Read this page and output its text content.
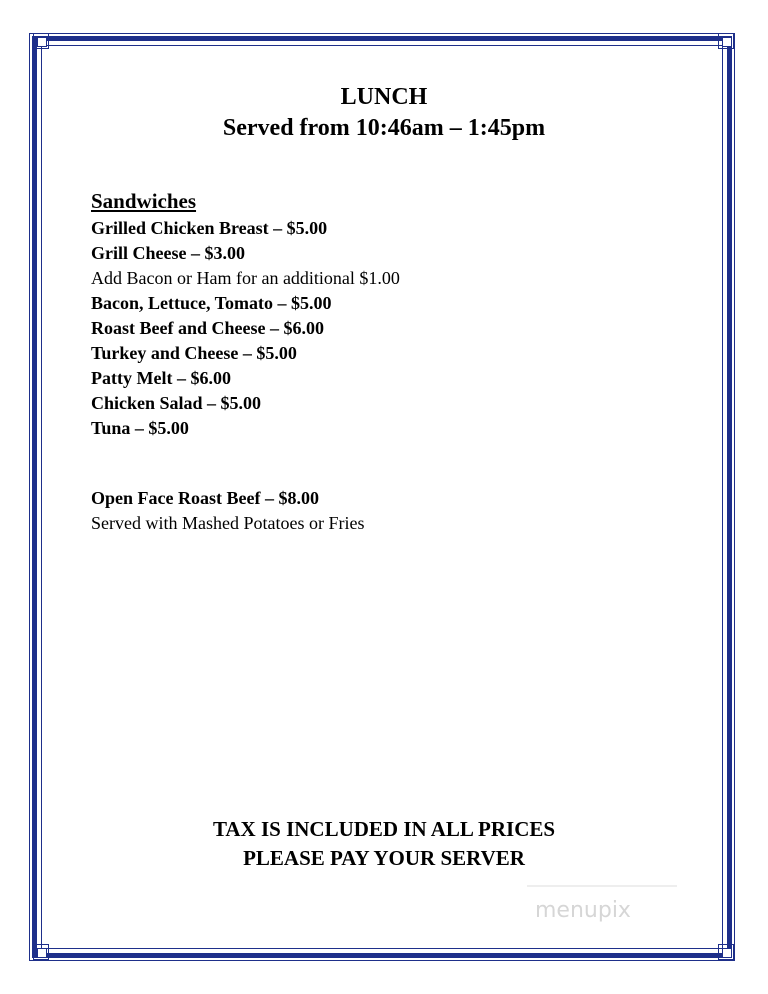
LUNCH
Served from 10:46am – 1:45pm
Sandwiches
Grilled Chicken Breast – $5.00
Grill Cheese – $3.00
Add Bacon or Ham for an additional $1.00
Bacon, Lettuce, Tomato – $5.00
Roast Beef and Cheese – $6.00
Turkey and Cheese – $5.00
Patty Melt – $6.00
Chicken Salad – $5.00
Tuna – $5.00
Open Face Roast Beef – $8.00
Served with Mashed Potatoes or Fries
TAX IS INCLUDED IN ALL PRICES
PLEASE PAY YOUR SERVER
menupix
